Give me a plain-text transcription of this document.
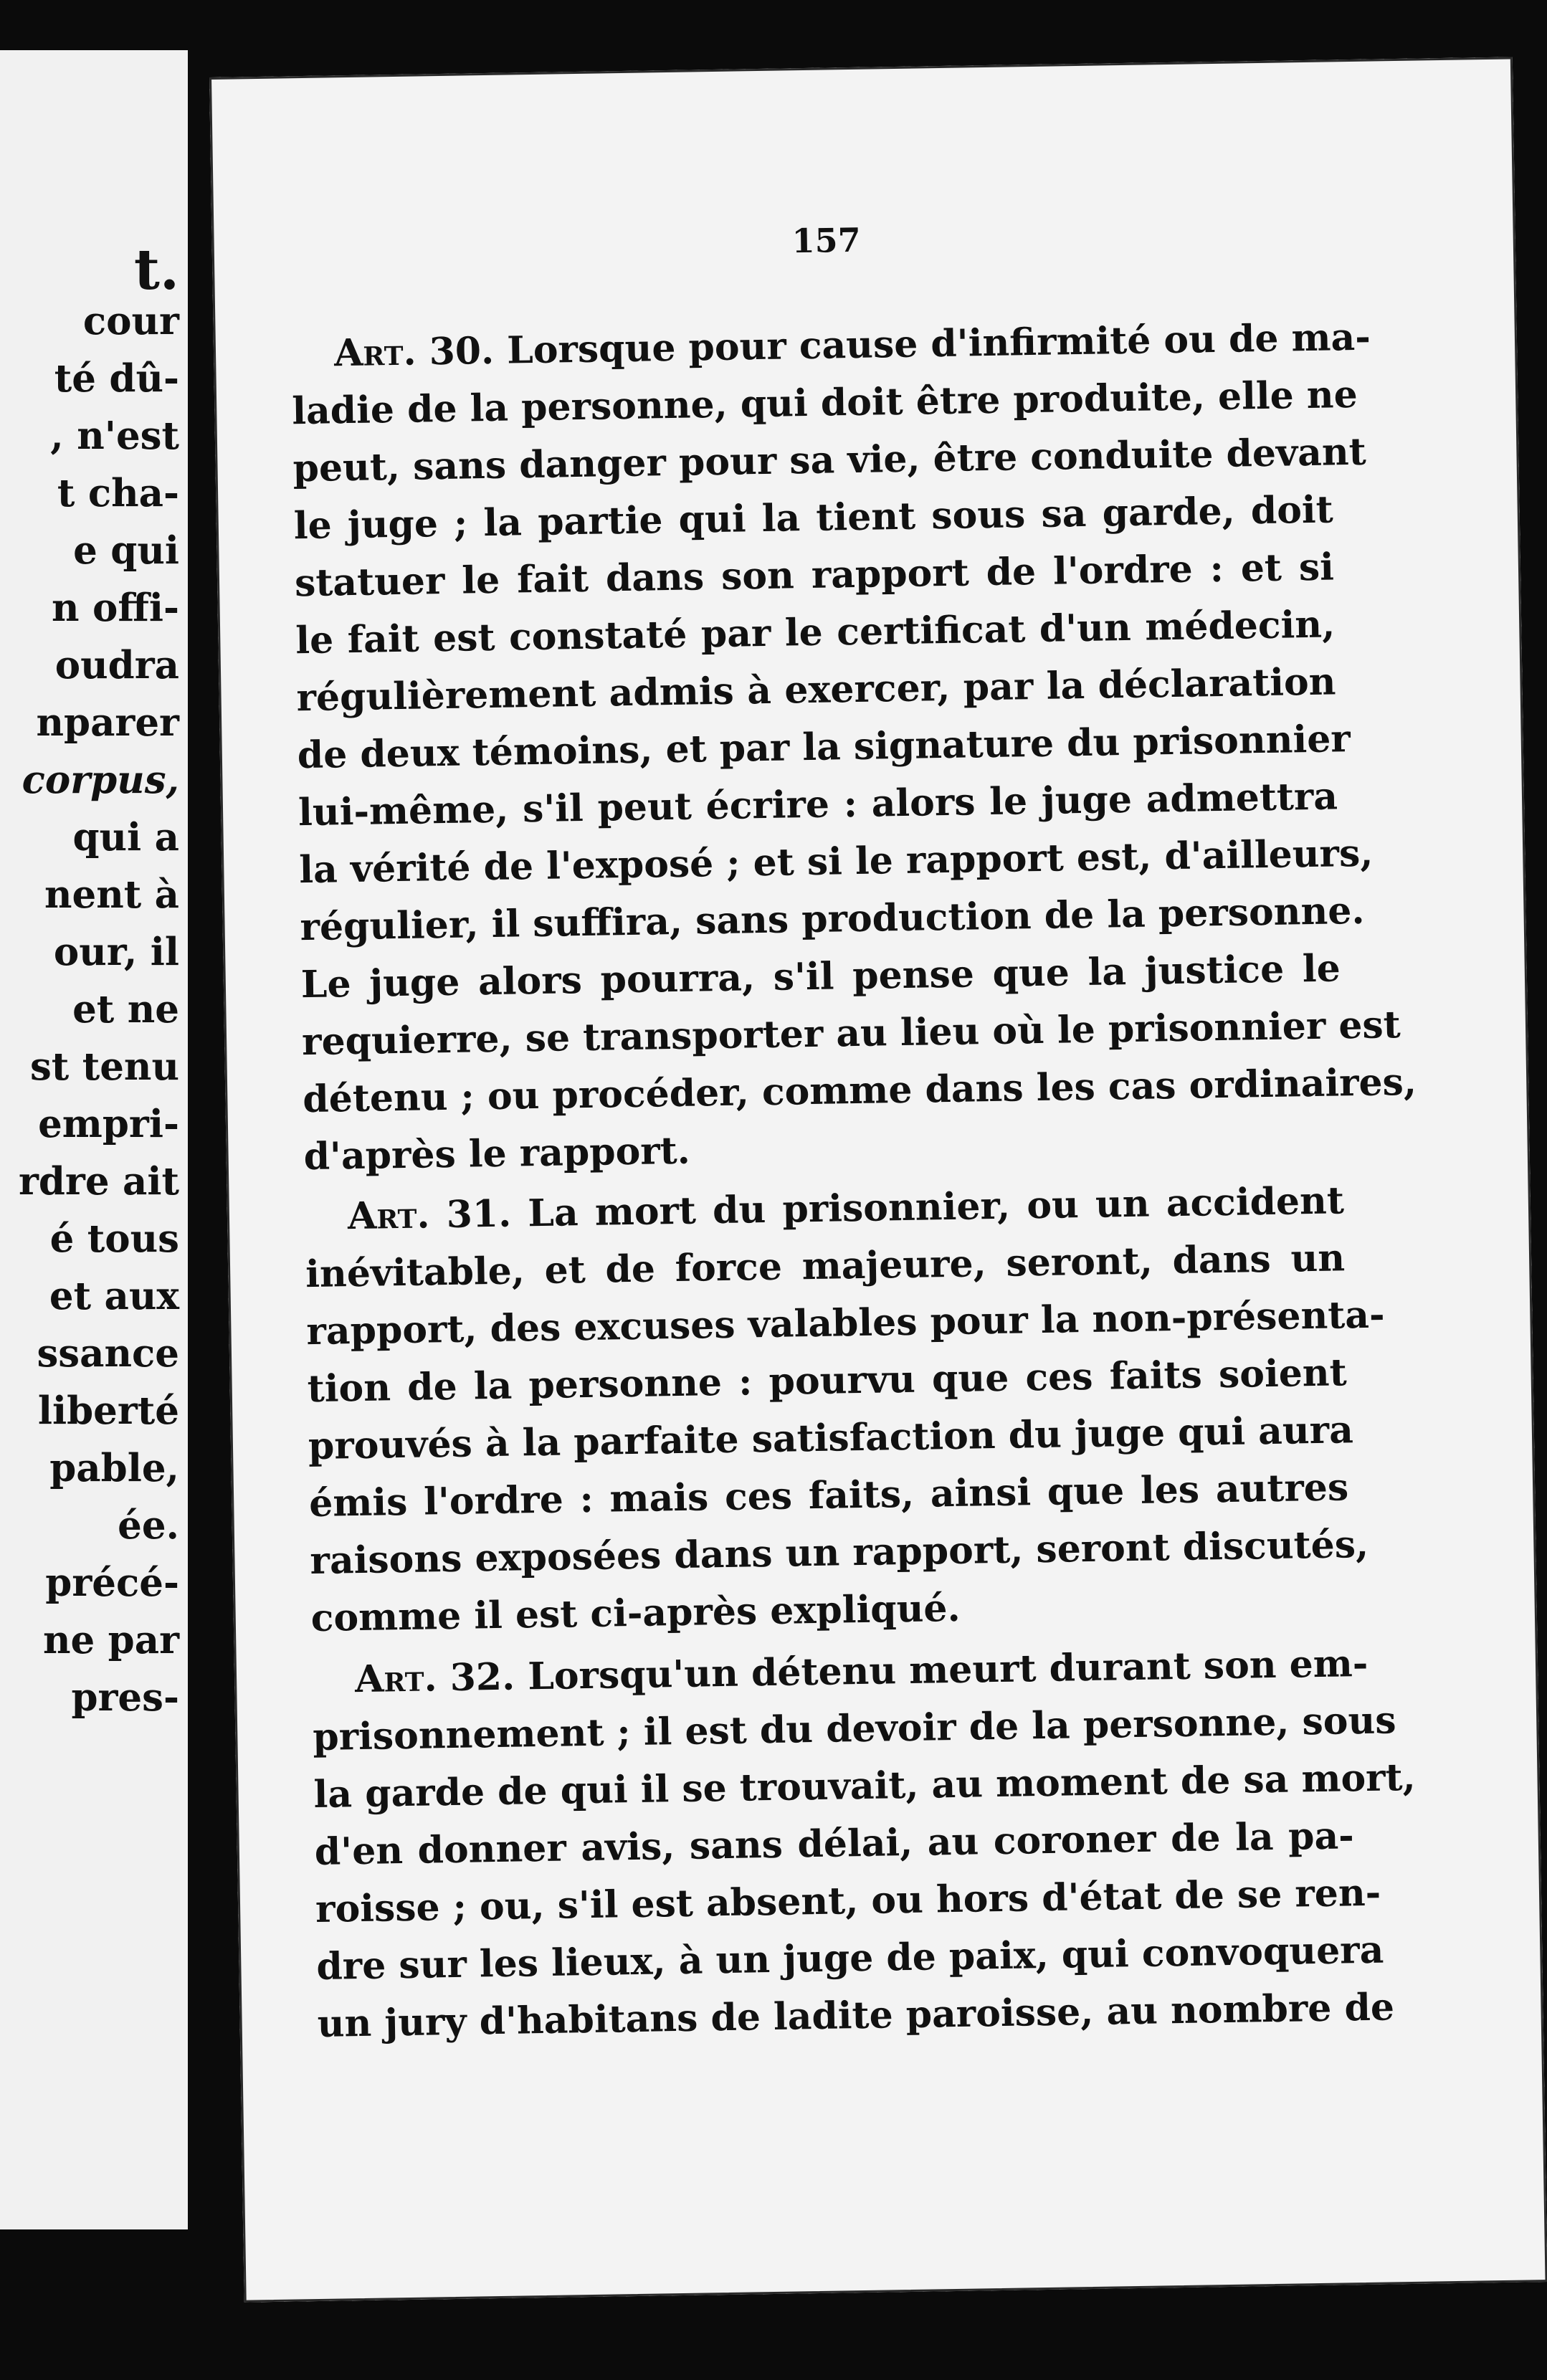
t.

cour

té dû-

, n'est

t cha-

e qui

n offi-

oudra

nparer

corpus,

qui a

nent à

our, il

et ne

st tenu

empri-

rdre ait

é tous

et aux

ssance

liberté

pable,

ée.

précé-

ne par

pres-

157

Art. 30. Lorsque pour cause d'infirmité ou de ma-

ladie de la personne, qui doit être produite, elle ne

peut, sans danger pour sa vie, être conduite devant

le juge ; la partie qui la tient sous sa garde, doit

statuer le fait dans son rapport de l'ordre : et si

le fait est constaté par le certificat d'un médecin,

régulièrement admis à exercer, par la déclaration

de deux témoins, et par la signature du prisonnier

lui-même, s'il peut écrire : alors le juge admettra

la vérité de l'exposé ; et si le rapport est, d'ailleurs,

régulier, il suffira, sans production de la personne.

Le juge alors pourra, s'il pense que la justice le

requierre, se transporter au lieu où le prisonnier est

détenu ; ou procéder, comme dans les cas ordinaires,

d'après le rapport.

Art. 31. La mort du prisonnier, ou un accident

inévitable, et de force majeure, seront, dans un

rapport, des excuses valables pour la non-présenta-

tion de la personne : pourvu que ces faits soient

prouvés à la parfaite satisfaction du juge qui aura

émis l'ordre : mais ces faits, ainsi que les autres

raisons exposées dans un rapport, seront discutés,

comme il est ci-après expliqué.

Art. 32. Lorsqu'un détenu meurt durant son em-

prisonnement ; il est du devoir de la personne, sous

la garde de qui il se trouvait, au moment de sa mort,

d'en donner avis, sans délai, au coroner de la pa-

roisse ; ou, s'il est absent, ou hors d'état de se ren-

dre sur les lieux, à un juge de paix, qui convoquera

un jury d'habitans de ladite paroisse, au nombre de
